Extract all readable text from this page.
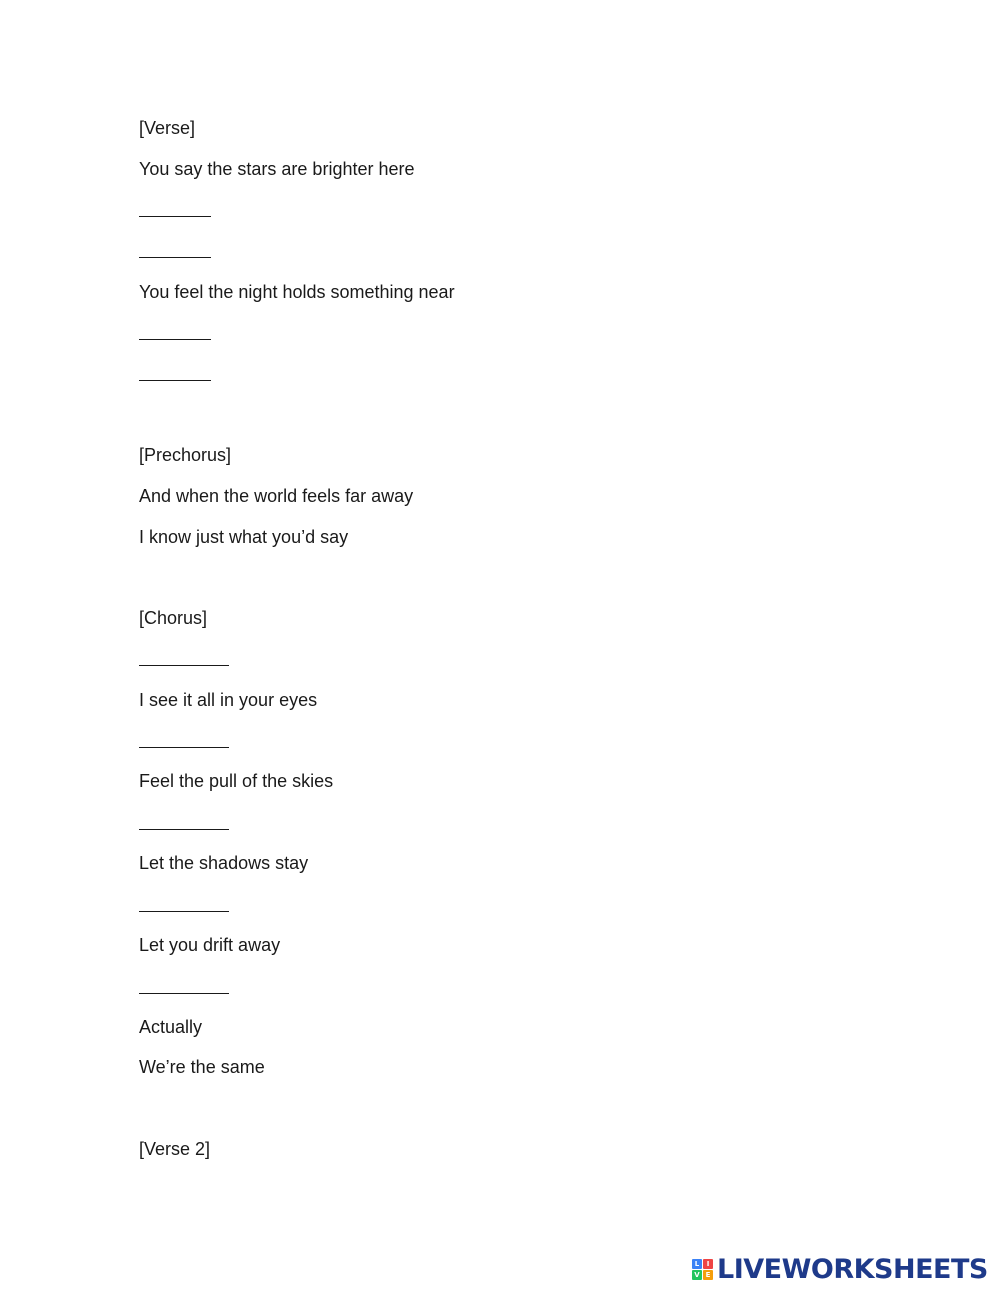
[Verse]
You say the stars are brighter here
You feel the night holds something near
[Prechorus]
And when the world feels far away
I know just what you’d say
[Chorus]
I see it all in your eyes
Feel the pull of the skies
Let the shadows stay
Let you drift away
Actually
We’re the same
[Verse 2]
L	I
V E LIVEWORKSHEETS
